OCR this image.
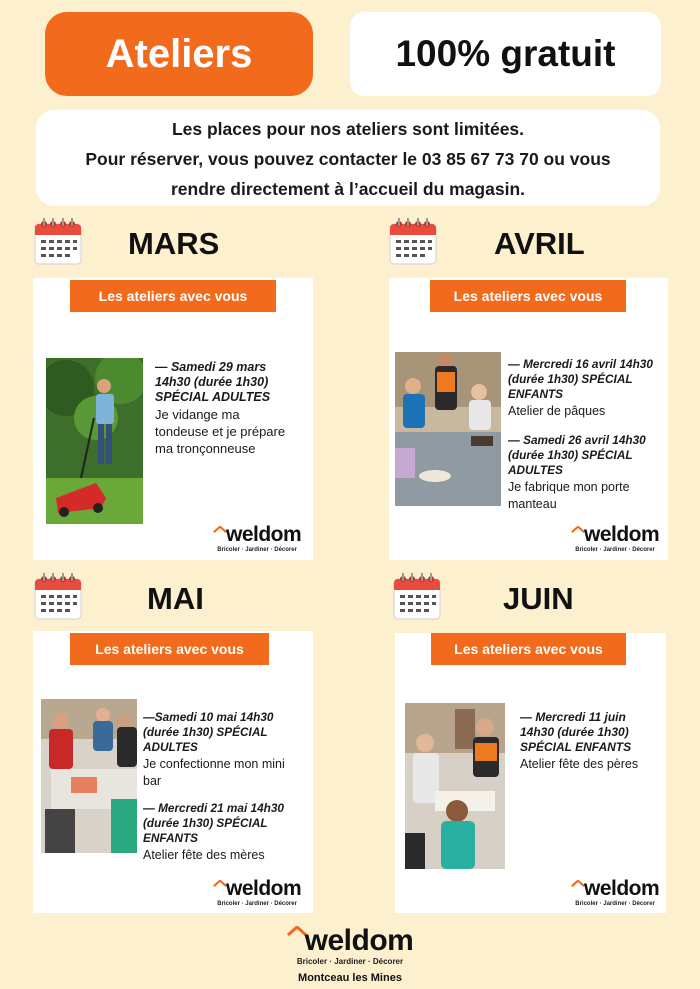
Ateliers	100% gratuit
Les places pour nos ateliers sont limitées.
Pour réserver, vous pouvez contacter le 03 85 67 73 70 ou vous
rendre directement à l’accueil du magasin.
MARS
Les ateliers avec vous
— Samedi 29 mars
14h30 (durée 1h30)
SPÉCIAL ADULTES
Je vidange ma
tondeuse et je prépare
ma tronçonneuse
weldom
Bricoler · Jardiner · Décorer
AVRIL
Les ateliers avec vous
— Mercredi 16 avril 14h30
(durée 1h30) SPÉCIAL
ENFANTS
Atelier de pâques
— Samedi 26 avril 14h30
(durée 1h30) SPÉCIAL
ADULTES
Je fabrique mon porte
manteau
weldom
Bricoler · Jardiner · Décorer
MAI
Les ateliers avec vous
—Samedi 10 mai 14h30
(durée 1h30) SPÉCIAL
ADULTES
Je confectionne mon mini
bar
— Mercredi 21 mai 14h30
(durée 1h30) SPÉCIAL
ENFANTS
Atelier fête des mères
weldom
Bricoler · Jardiner · Décorer
JUIN
Les ateliers avec vous
— Mercredi 11 juin
14h30 (durée 1h30)
SPÉCIAL ENFANTS
Atelier fête des pères
weldom
Bricoler · Jardiner · Décorer
weldom
Bricoler · Jardiner · Décorer
Montceau les Mines
